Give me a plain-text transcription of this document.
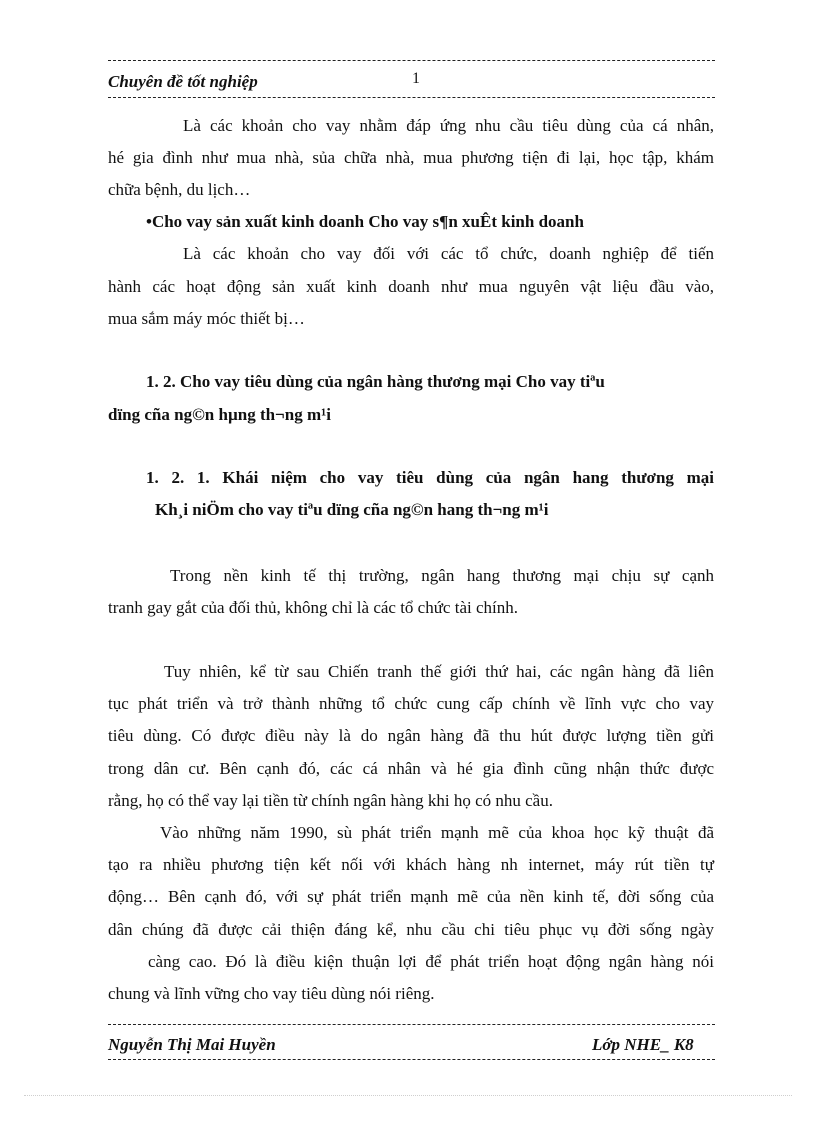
Chuyên đề tốt nghiệp	1
Là các khoản cho vay nhằm đáp ứng nhu cầu tiêu dùng của cá nhân,
hé gia đình như mua nhà, sủa chữa nhà, mua phương tiện đi lại, học tập, khám
chữa bệnh, du lịch…
•Cho vay sản xuất kinh doanh Cho vay s¶n xuÊt kinh doanh
Là các khoản cho vay đối với các tổ chức, doanh nghiệp để tiến
hành các hoạt động sản xuất kinh doanh như mua nguyên vật liệu đầu vào,
mua sắm máy móc thiết bị…
1. 2. Cho vay tiêu dùng của ngân hàng thương mại Cho vay tiªu
dïng cña ng©n hµng th¬ng m¹i
1. 2. 1. Khái niệm cho vay tiêu dùng của ngân hang thương mại
Kh¸i niÖm cho vay tiªu dïng cña ng©n hang th¬ng m¹i
Trong nền kinh tế thị trường, ngân hang thương mại chịu sự cạnh
tranh gay gắt của đối thủ, không chỉ là các tổ chức tài chính.
Tuy nhiên, kể từ sau Chiến tranh thế giới thứ hai, các ngân hàng đã liên
tục phát triển và trở thành những tổ chức cung cấp chính về lĩnh vực cho vay
tiêu dùng. Có được điều này là do ngân hàng đã thu hút được lượng tiền gửi
trong dân cư. Bên cạnh đó, các cá nhân và hé gia đình cũng nhận thức được
rằng, họ có thể vay lại tiền từ chính ngân hàng khi họ có nhu cầu.
Vào những năm 1990, sù phát triển mạnh mẽ của khoa học kỹ thuật đã
tạo ra nhiều phương tiện kết nối với khách hàng nh internet, máy rút tiền tự
động… Bên cạnh đó, với sự phát triển mạnh mẽ của nền kinh tế, đời sống của
dân chúng đã được cải thiện đáng kể, nhu cầu chi tiêu phục vụ đời sống ngày
càng cao. Đó là điều kiện thuận lợi để phát triển hoạt động ngân hàng nói
chung và lĩnh vững cho vay tiêu dùng nói riêng.
Nguyễn Thị Mai Huyền	Lớp NHE_ K8
